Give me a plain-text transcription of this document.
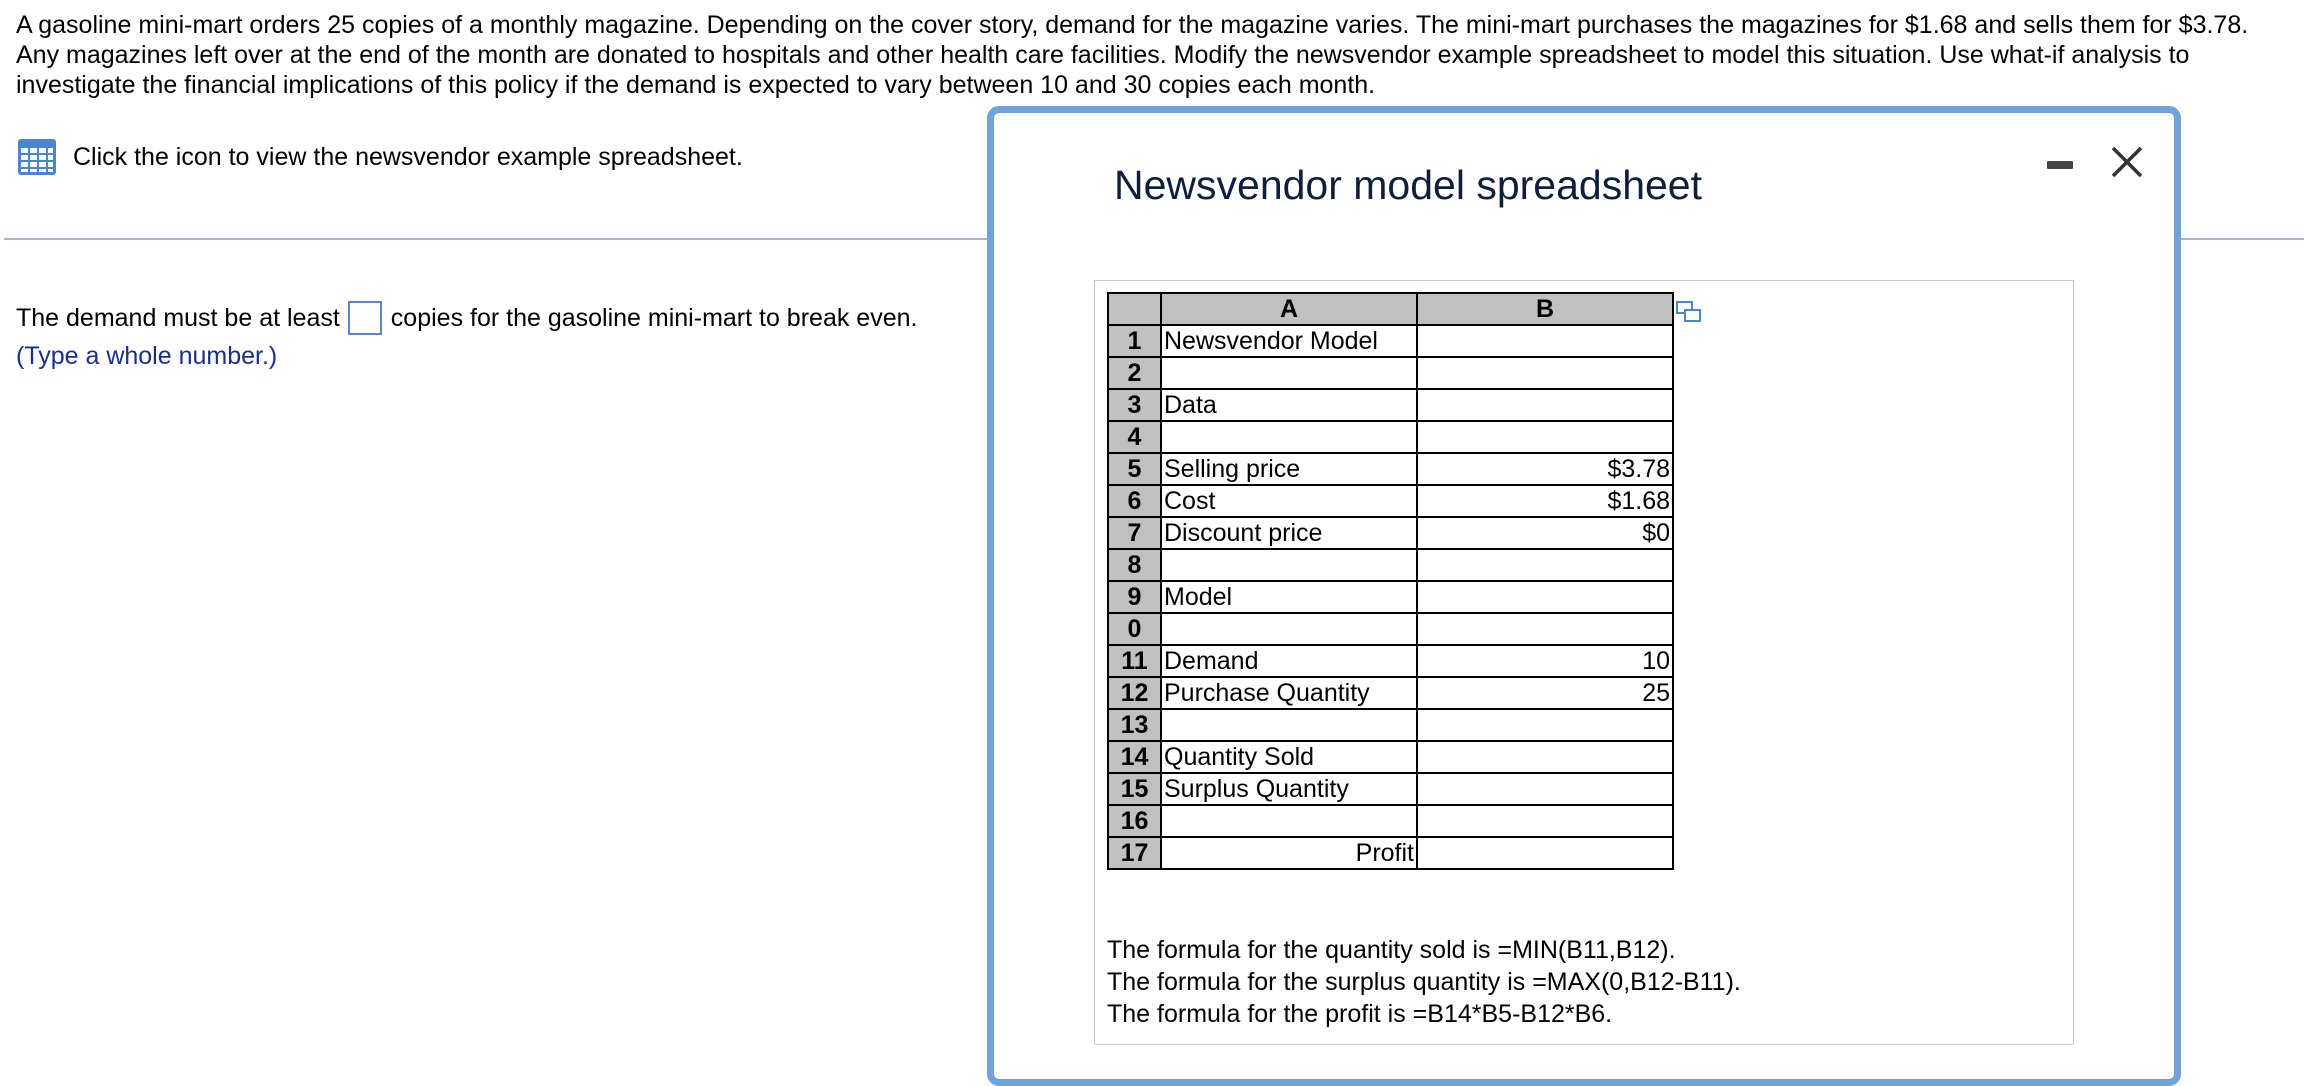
A gasoline mini-mart orders 25 copies of a monthly magazine. Depending on the cover story, demand for the magazine varies. The mini-mart purchases the magazines for $1.68 and sells them for $3.78. Any magazines left over at the end of the month are donated to hospitals and other health care facilities. Modify the newsvendor example spreadsheet to model this situation. Use what-if analysis to investigate the financial implications of this policy if the demand is expected to vary between 10 and 30 copies each month.

Click the icon to view the newsvendor example spreadsheet.
The demand must be at least copies for the gasoline mini-mart to break even.
(Type a whole number.)
Newsvendor model spreadsheet
	A	B
1	Newsvendor Model	
2		
3	Data	
4		
5	Selling price	$3.78
6	Cost	$1.68
7	Discount price	$0
8		
9	Model	
0		
11	Demand	10
12	Purchase Quantity	25
13		
14	Quantity Sold	
15	Surplus Quantity	
16		
17	Profit	
The formula for the quantity sold is =MIN(B11,B12).
The formula for the surplus quantity is =MAX(0,B12-B11).
The formula for the profit is =B14*B5-B12*B6.
